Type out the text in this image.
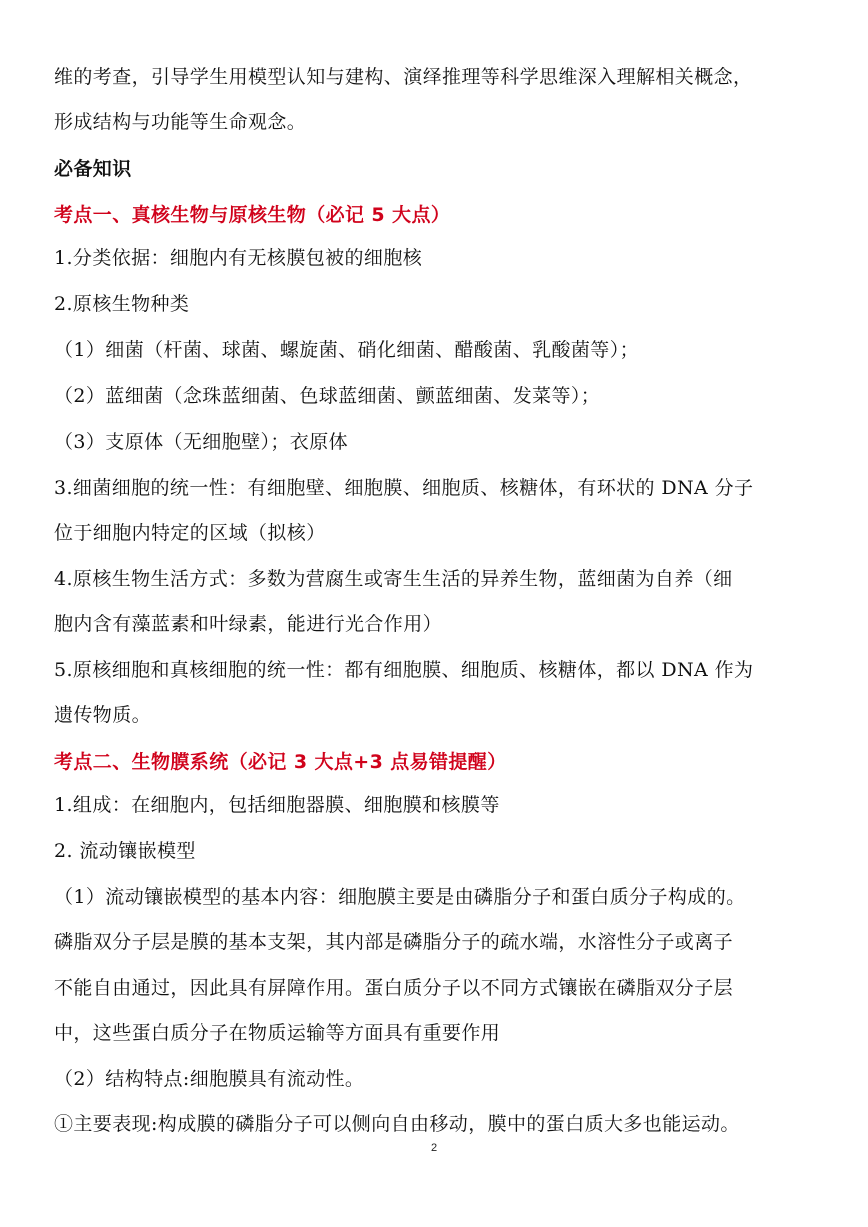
维的考查，引导学生用模型认知与建构、演绎推理等科学思维深入理解相关概念，
形成结构与功能等生命观念。
必备知识
考点一、真核生物与原核生物（必记 5 大点）
1.分类依据：细胞内有无核膜包被的细胞核
2.原核生物种类
（1）细菌（杆菌、球菌、螺旋菌、硝化细菌、醋酸菌、乳酸菌等）；
（2）蓝细菌（念珠蓝细菌、色球蓝细菌、颤蓝细菌、发菜等）；
（3）支原体（无细胞壁）；衣原体
3.细菌细胞的统一性：有细胞壁、细胞膜、细胞质、核糖体，有环状的 DNA 分子
位于细胞内特定的区域（拟核）
4.原核生物生活方式：多数为营腐生或寄生生活的异养生物，蓝细菌为自养（细
胞内含有藻蓝素和叶绿素，能进行光合作用）
5.原核细胞和真核细胞的统一性：都有细胞膜、细胞质、核糖体，都以 DNA 作为
遗传物质。
考点二、生物膜系统（必记 3 大点+3 点易错提醒）
1.组成：在细胞内，包括细胞器膜、细胞膜和核膜等
2. 流动镶嵌模型
（1）流动镶嵌模型的基本内容：细胞膜主要是由磷脂分子和蛋白质分子构成的。
磷脂双分子层是膜的基本支架，其内部是磷脂分子的疏水端，水溶性分子或离子
不能自由通过，因此具有屏障作用。蛋白质分子以不同方式镶嵌在磷脂双分子层
中，这些蛋白质分子在物质运输等方面具有重要作用
（2）结构特点:细胞膜具有流动性。
①主要表现:构成膜的磷脂分子可以侧向自由移动，膜中的蛋白质大多也能运动。
2
